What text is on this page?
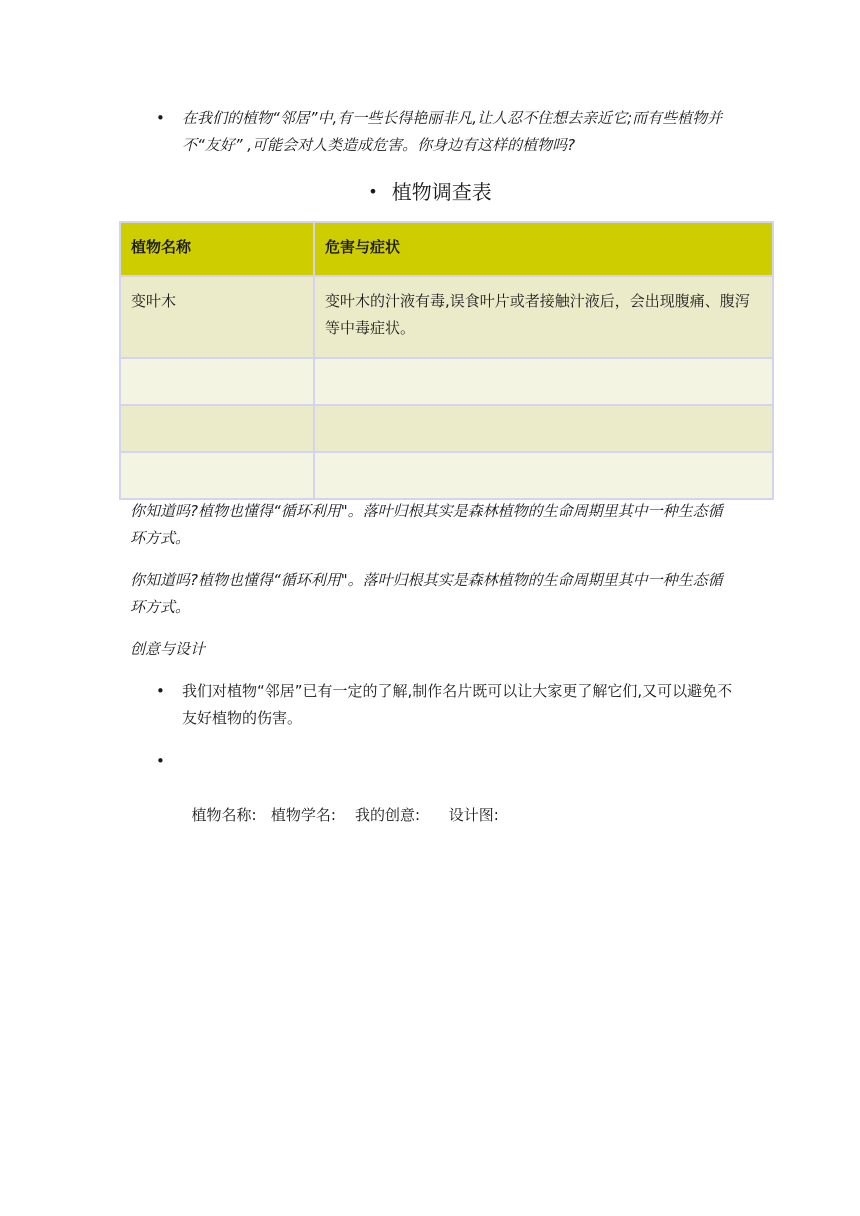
• 在我们的植物“邻居”中,有一些长得艳丽非凡,让人忍不住想去亲近它;而有些植物并不“友好” ,可能会对人类造成危害。你身边有这样的植物吗?
• 植物调查表
植物名称	危害与症状
变叶木	变叶木的汁液有毒,误食叶片或者接触汁液后，会出现腹痛、腹泻等中毒症状。

你知道吗?植物也懂得“循环利用"。落叶归根其实是森林植物的生命周期里其中一种生态循环方式。
你知道吗?植物也懂得“循环利用"。落叶归根其实是森林植物的生命周期里其中一种生态循环方式。
创意与设计
• 我们对植物“邻居”已有一定的了解,制作名片既可以让大家更了解它们,又可以避免不友好植物的伤害。

•

植物名称:   植物学名:    我的创意:      设计图:
